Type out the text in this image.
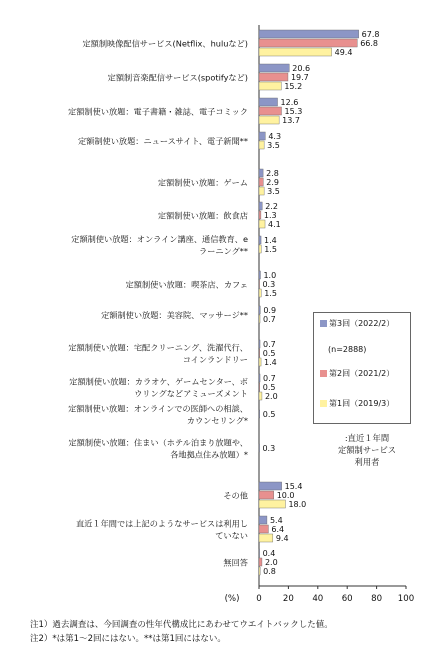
0 20 40 60 80 100
(%)
67.8
66.8
49.4
定額制映像配信サービス(Netflix、huluなど)
20.6
19.7
15.2
定額制音楽配信サービス(spotifyなど)
12.6
15.3
13.7
定額制使い放題：電子書籍・雑誌、電子コミック
4.3
3.5
定額制使い放題：ニュースサイト、電子新聞**
2.8
2.9
3.5
定額制使い放題：ゲーム
2.2
1.3
4.1
定額制使い放題：飲食店
1.4
1.5
定額制使い放題：オンライン講座、通信教育、e
ラーニング**
1.0
0.3
1.5
定額制使い放題：喫茶店、カフェ
0.9
0.7
定額制使い放題：美容院、マッサージ**
0.7
0.5
1.4
定額制使い放題：宅配クリーニング、洗濯代行、
コインランドリー
0.7
0.5
2.0
定額制使い放題：カラオケ、ゲームセンター、ボ
ウリングなどアミューズメント
0.5
定額制使い放題：オンラインでの医師への相談、
カウンセリング*
0.3
定額制使い放題：住まい（ホテル泊まり放題や、
各地拠点住み放題）*
15.4
10.0
18.0
その他
5.4
6.4
9.4
直近１年間では上記のようなサービスは利用し
ていない
0.4
2.0
0.8
無回答
第3回（2022/2）
(n=2888)
第2回（2021/2）
第1回（2019/3）
:直近１年間
定額制サービス
利用者
注1）過去調査は、今回調査の性年代構成比にあわせてウエイトバックした値。
注2）*は第1〜2回にはない。**は第1回にはない。
